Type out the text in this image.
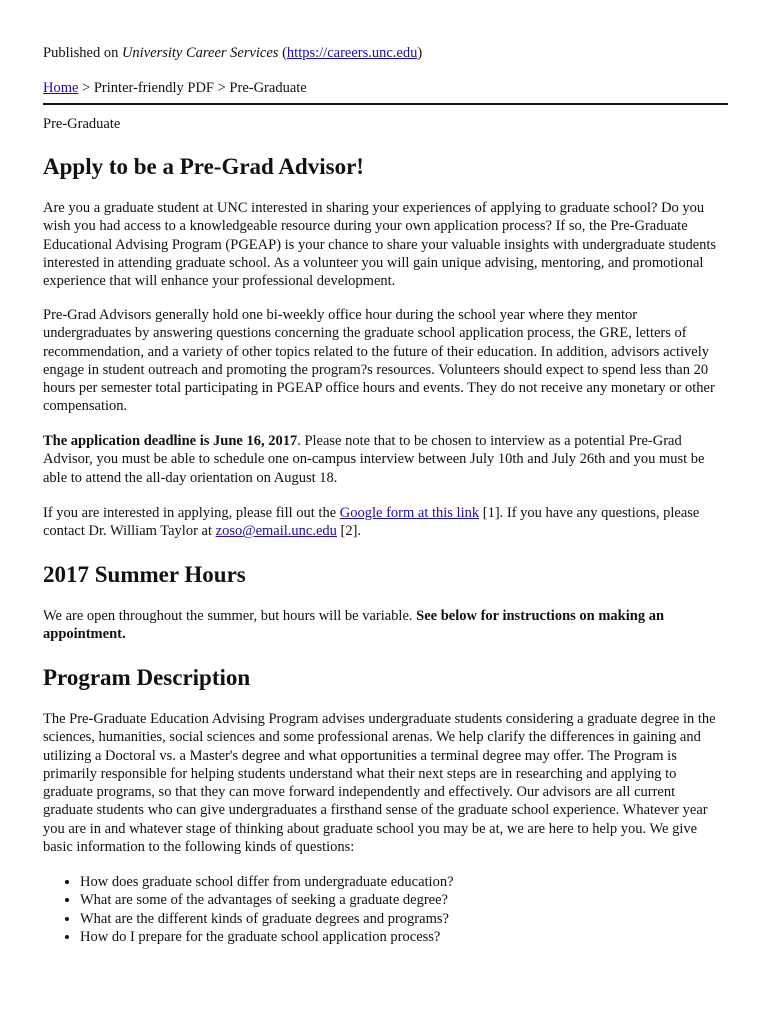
Published on University Career Services (https://careers.unc.edu)
Home > Printer-friendly PDF > Pre-Graduate
Pre-Graduate
Apply to be a Pre-Grad Advisor!

Are you a graduate student at UNC interested in sharing your experiences of applying to graduate school? Do you wish you had access to a knowledgeable resource during your own application process? If so, the Pre-Graduate Educational Advising Program (PGEAP) is your chance to share your valuable insights with undergraduate students interested in attending graduate school. As a volunteer you will gain unique advising, mentoring, and promotional experience that will enhance your professional development.

Pre-Grad Advisors generally hold one bi-weekly office hour during the school year where they mentor undergraduates by answering questions concerning the graduate school application process, the GRE, letters of recommendation, and a variety of other topics related to the future of their education. In addition, advisors actively engage in student outreach and promoting the program?s resources. Volunteers should expect to spend less than 20 hours per semester total participating in PGEAP office hours and events. They do not receive any monetary or other compensation.

The application deadline is June 16, 2017. Please note that to be chosen to interview as a potential Pre-Grad Advisor, you must be able to schedule one on-campus interview between July 10th and July 26th and you must be able to attend the all-day orientation on August 18.

If you are interested in applying, please fill out the Google form at this link [1]. If you have any questions, please contact Dr. William Taylor at zoso@email.unc.edu [2].

2017 Summer Hours

We are open throughout the summer, but hours will be variable. See below for instructions on making an appointment.

Program Description

The Pre-Graduate Education Advising Program advises undergraduate students considering a graduate degree in the sciences, humanities, social sciences and some professional arenas. We help clarify the differences in gaining and utilizing a Doctoral vs. a Master's degree and what opportunities a terminal degree may offer. The Program is primarily responsible for helping students understand what their next steps are in researching and applying to graduate programs, so that they can move forward independently and effectively. Our advisors are all current graduate students who can give undergraduates a firsthand sense of the graduate school experience. Whatever year you are in and whatever stage of thinking about graduate school you may be at, we are here to help you. We give basic information to the following kinds of questions:

• How does graduate school differ from undergraduate education?
• What are some of the advantages of seeking a graduate degree?
• What are the different kinds of graduate degrees and programs?
• How do I prepare for the graduate school application process?
